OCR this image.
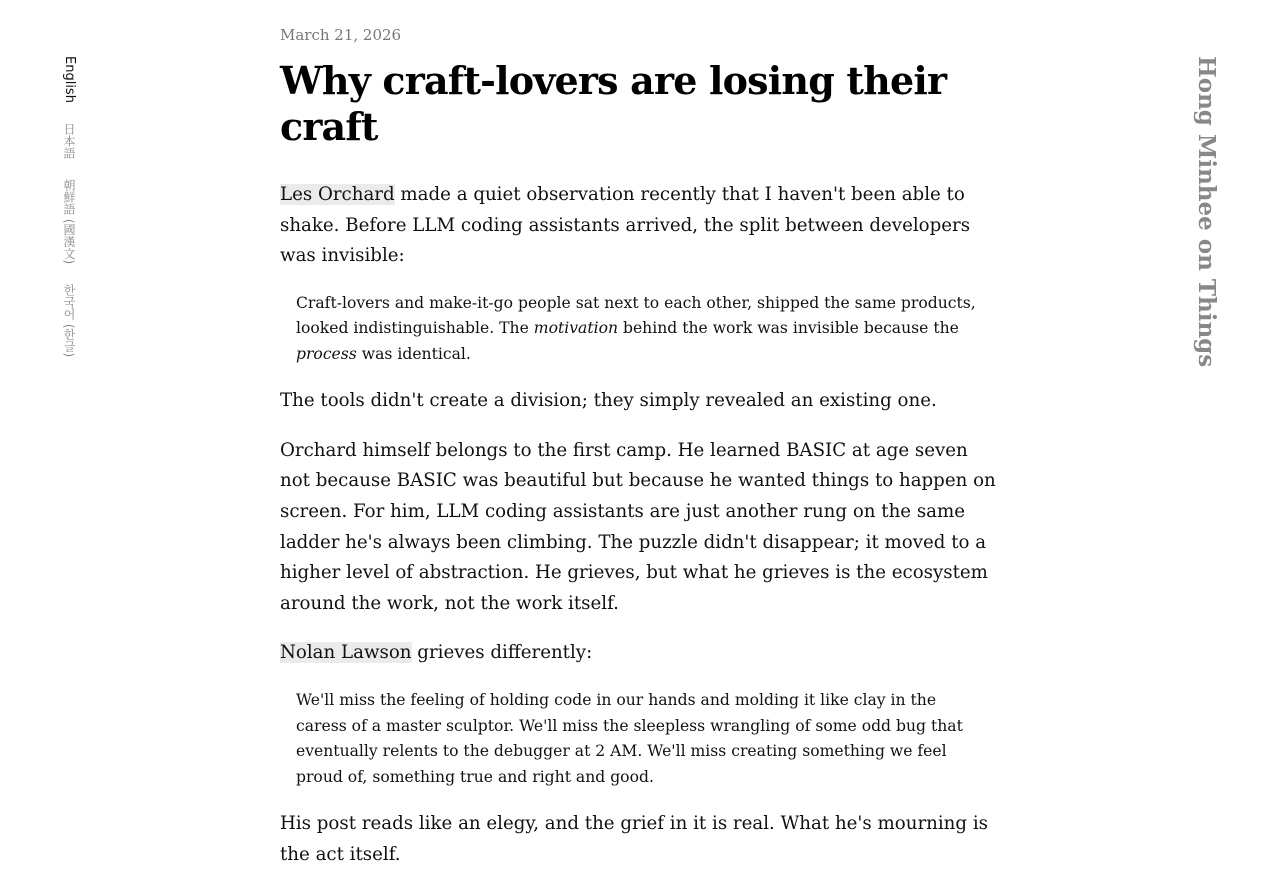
English
日本語
朝鮮語 (國漢文)
한국어 (한글)	Hong Minhee on Things

March 21, 2026

Why craft-lovers are losing their craft

Les Orchard made a quiet observation recently that I haven't been able to shake. Before LLM coding assistants arrived, the split between developers was invisible:

Craft-lovers and make-it-go people sat next to each other, shipped the same products, looked indistinguishable. The motivation behind the work was invisible because the process was identical.

The tools didn't create a division; they simply revealed an existing one.

Orchard himself belongs to the first camp. He learned BASIC at age seven not because BASIC was beautiful but because he wanted things to happen on screen. For him, LLM coding assistants are just another rung on the same ladder he's always been climbing. The puzzle didn't disappear; it moved to a higher level of abstraction. He grieves, but what he grieves is the ecosystem around the work, not the work itself.

Nolan Lawson grieves differently:

We'll miss the feeling of holding code in our hands and molding it like clay in the caress of a master sculptor. We'll miss the sleepless wrangling of some odd bug that eventually relents to the debugger at 2 AM. We'll miss creating something we feel proud of, something true and right and good.

His post reads like an elegy, and the grief in it is real. What he's mourning is the act itself.
